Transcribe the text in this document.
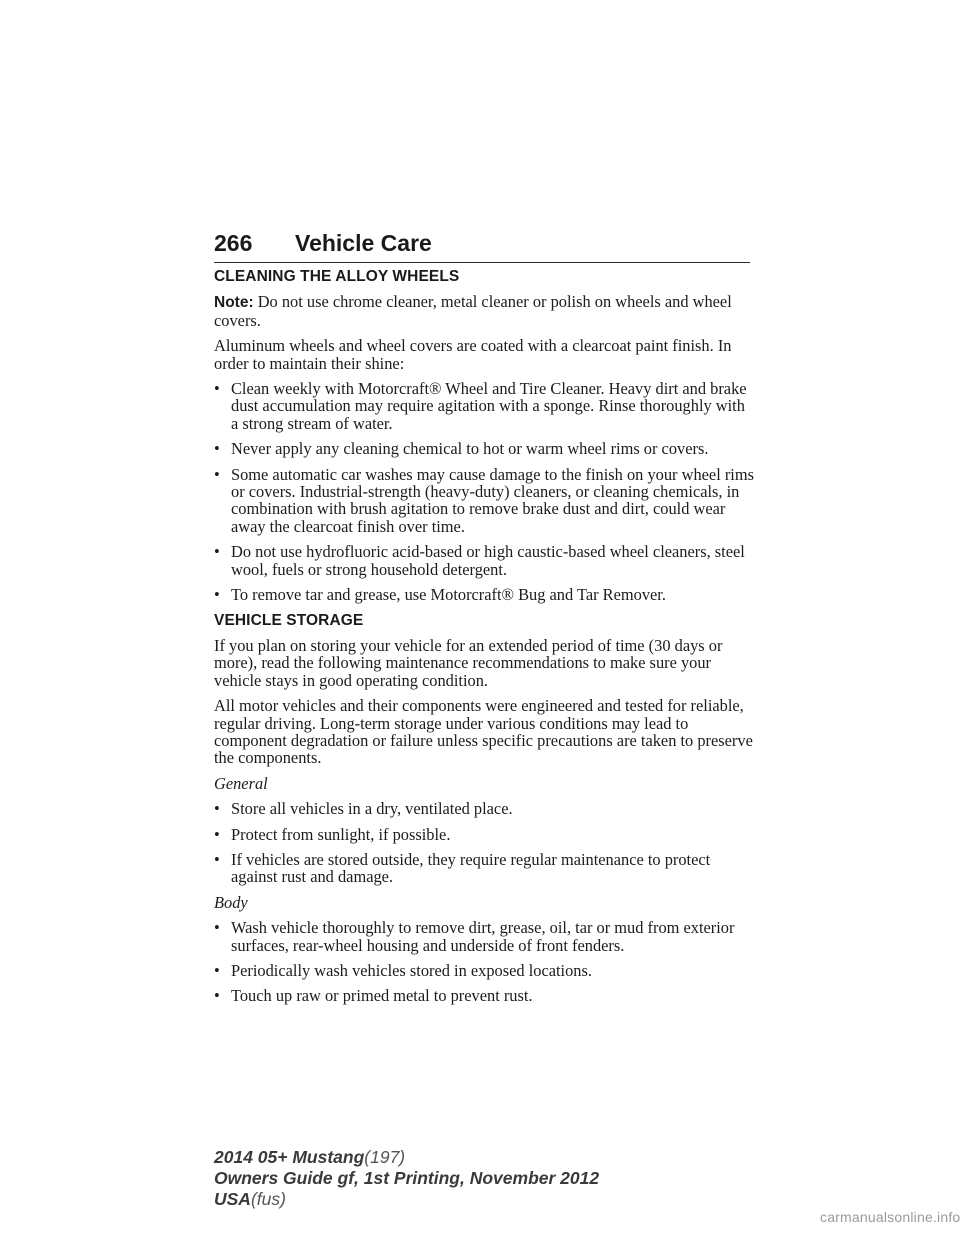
266 Vehicle Care
CLEANING THE ALLOY WHEELS

Note: Do not use chrome cleaner, metal cleaner or polish on wheels and wheel covers.

Aluminum wheels and wheel covers are coated with a clearcoat paint finish. In order to maintain their shine:

• Clean weekly with Motorcraft® Wheel and Tire Cleaner. Heavy dirt and brake dust accumulation may require agitation with a sponge. Rinse thoroughly with a strong stream of water.
• Never apply any cleaning chemical to hot or warm wheel rims or covers.
• Some automatic car washes may cause damage to the finish on your wheel rims or covers. Industrial-strength (heavy-duty) cleaners, or cleaning chemicals, in combination with brush agitation to remove brake dust and dirt, could wear away the clearcoat finish over time.
• Do not use hydrofluoric acid-based or high caustic-based wheel cleaners, steel wool, fuels or strong household detergent.
• To remove tar and grease, use Motorcraft® Bug and Tar Remover.
VEHICLE STORAGE

If you plan on storing your vehicle for an extended period of time (30 days or more), read the following maintenance recommendations to make sure your vehicle stays in good operating condition.

All motor vehicles and their components were engineered and tested for reliable, regular driving. Long-term storage under various conditions may lead to component degradation or failure unless specific precautions are taken to preserve the components.

General

• Store all vehicles in a dry, ventilated place.
• Protect from sunlight, if possible.
• If vehicles are stored outside, they require regular maintenance to protect against rust and damage.

Body

• Wash vehicle thoroughly to remove dirt, grease, oil, tar or mud from exterior surfaces, rear-wheel housing and underside of front fenders.
• Periodically wash vehicles stored in exposed locations.
• Touch up raw or primed metal to prevent rust.
2014 05+ Mustang(197)
Owners Guide gf, 1st Printing, November 2012
USA(fus)
carmanualsonline.info
